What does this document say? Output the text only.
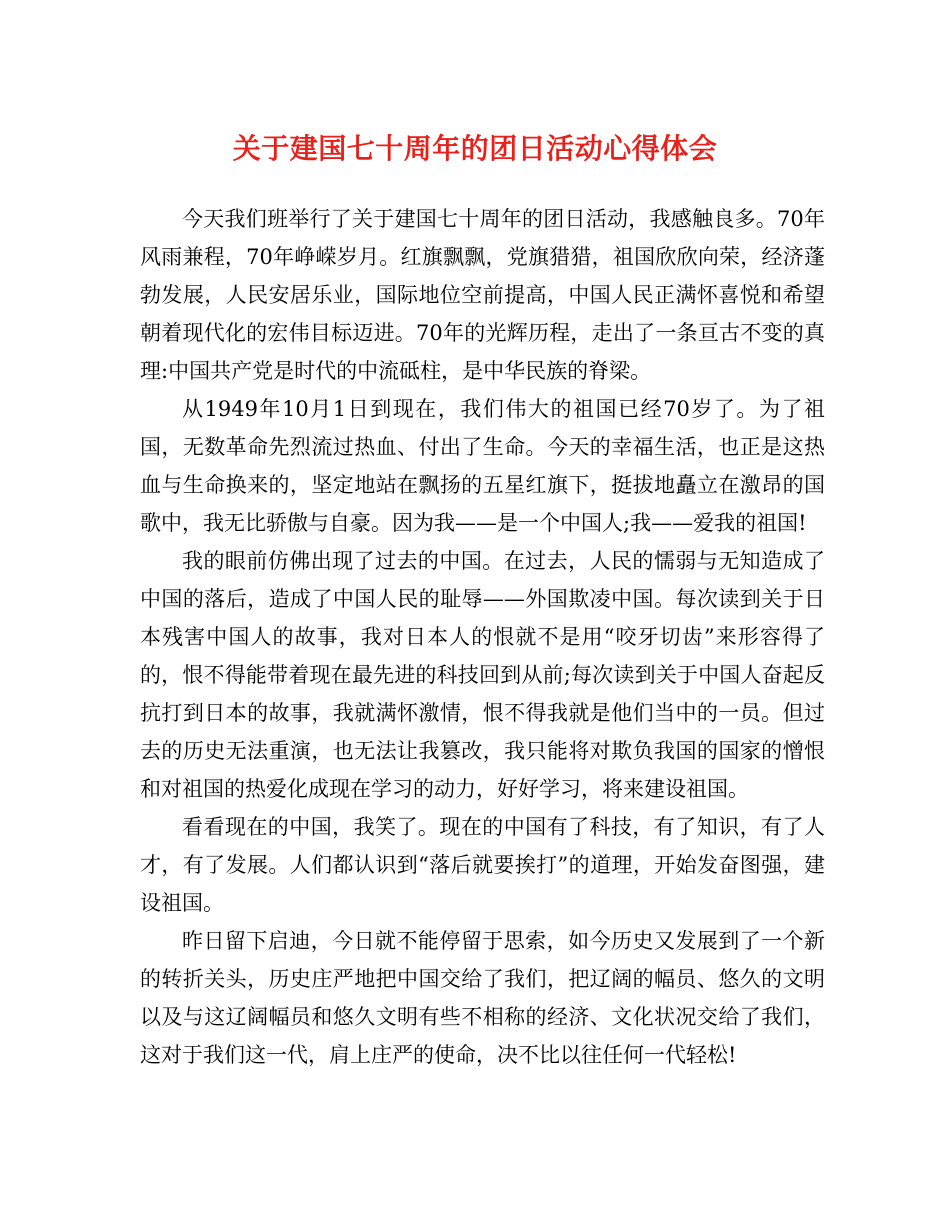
关于建国七十周年的团日活动心得体会

今天我们班举行了关于建国七十周年的团日活动，我感触良多。70年风雨兼程，70年峥嵘岁月。红旗飘飘，党旗猎猎，祖国欣欣向荣，经济蓬勃发展，人民安居乐业，国际地位空前提高，中国人民正满怀喜悦和希望朝着现代化的宏伟目标迈进。70年的光辉历程，走出了一条亘古不变的真理:中国共产党是时代的中流砥柱，是中华民族的脊梁。

从1949年10月1日到现在，我们伟大的祖国已经70岁了。为了祖国，无数革命先烈流过热血、付出了生命。今天的幸福生活，也正是这热血与生命换来的，坚定地站在飘扬的五星红旗下，挺拔地矗立在激昂的国歌中，我无比骄傲与自豪。因为我——是一个中国人;我——爱我的祖国!

我的眼前仿佛出现了过去的中国。在过去，人民的懦弱与无知造成了中国的落后，造成了中国人民的耻辱——外国欺凌中国。每次读到关于日本残害中国人的故事，我对日本人的恨就不是用“咬牙切齿”来形容得了的，恨不得能带着现在最先进的科技回到从前;每次读到关于中国人奋起反抗打到日本的故事，我就满怀激情，恨不得我就是他们当中的一员。但过去的历史无法重演，也无法让我篡改，我只能将对欺负我国的国家的憎恨和对祖国的热爱化成现在学习的动力，好好学习，将来建设祖国。

看看现在的中国，我笑了。现在的中国有了科技，有了知识，有了人才，有了发展。人们都认识到“落后就要挨打”的道理，开始发奋图强，建设祖国。

昨日留下启迪，今日就不能停留于思索，如今历史又发展到了一个新的转折关头，历史庄严地把中国交给了我们，把辽阔的幅员、悠久的文明以及与这辽阔幅员和悠久文明有些不相称的经济、文化状况交给了我们，这对于我们这一代，肩上庄严的使命，决不比以往任何一代轻松!
